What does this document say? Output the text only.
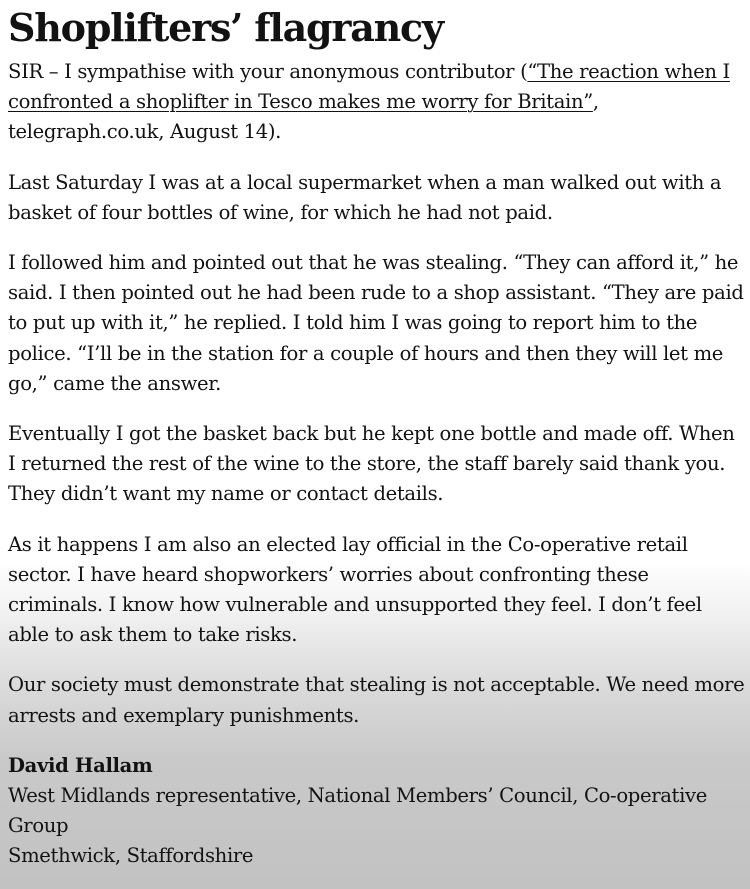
Shoplifters’ flagrancy

SIR – I sympathise with your anonymous contributor (“The reaction when I confronted a shoplifter in Tesco makes me worry for Britain”, telegraph.co.uk, August 14).

Last Saturday I was at a local supermarket when a man walked out with a basket of four bottles of wine, for which he had not paid.

I followed him and pointed out that he was stealing. “They can afford it,” he said. I then pointed out he had been rude to a shop assistant. “They are paid to put up with it,” he replied. I told him I was going to report him to the police. “I’ll be in the station for a couple of hours and then they will let me go,” came the answer.

Eventually I got the basket back but he kept one bottle and made off. When I returned the rest of the wine to the store, the staff barely said thank you. They didn’t want my name or contact details.

As it happens I am also an elected lay official in the Co-operative retail sector. I have heard shopworkers’ worries about confronting these criminals. I know how vulnerable and unsupported they feel. I don’t feel able to ask them to take risks.

Our society must demonstrate that stealing is not acceptable. We need more arrests and exemplary punishments.

David Hallam
West Midlands representative, National Members’ Council, Co-operative Group
Smethwick, Staffordshire
